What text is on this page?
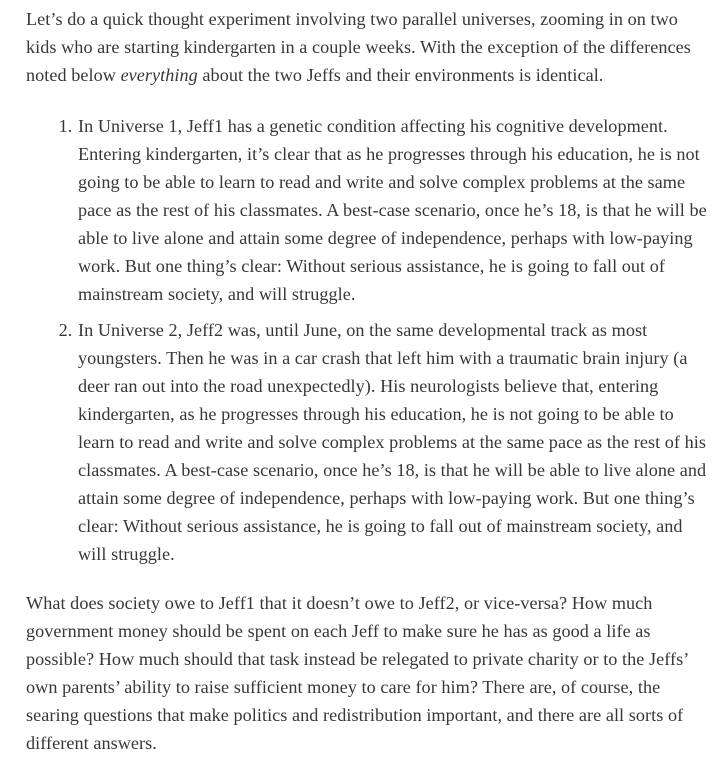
Let’s do a quick thought experiment involving two parallel universes, zooming in on two kids who are starting kindergarten in a couple weeks. With the exception of the differences noted below everything about the two Jeffs and their environments is identical.

1. In Universe 1, Jeff1 has a genetic condition affecting his cognitive development. Entering kindergarten, it’s clear that as he progresses through his education, he is not going to be able to learn to read and write and solve complex problems at the same pace as the rest of his classmates. A best-case scenario, once he’s 18, is that he will be able to live alone and attain some degree of independence, perhaps with low-paying work. But one thing’s clear: Without serious assistance, he is going to fall out of mainstream society, and will struggle.
2. In Universe 2, Jeff2 was, until June, on the same developmental track as most youngsters. Then he was in a car crash that left him with a traumatic brain injury (a deer ran out into the road unexpectedly). His neurologists believe that, entering kindergarten, as he progresses through his education, he is not going to be able to learn to read and write and solve complex problems at the same pace as the rest of his classmates. A best-case scenario, once he’s 18, is that he will be able to live alone and attain some degree of independence, perhaps with low-paying work. But one thing’s clear: Without serious assistance, he is going to fall out of mainstream society, and will struggle.

What does society owe to Jeff1 that it doesn’t owe to Jeff2, or vice-versa? How much government money should be spent on each Jeff to make sure he has as good a life as possible? How much should that task instead be relegated to private charity or to the Jeffs’ own parents’ ability to raise sufficient money to care for him? There are, of course, the searing questions that make politics and redistribution important, and there are all sorts of different answers.
